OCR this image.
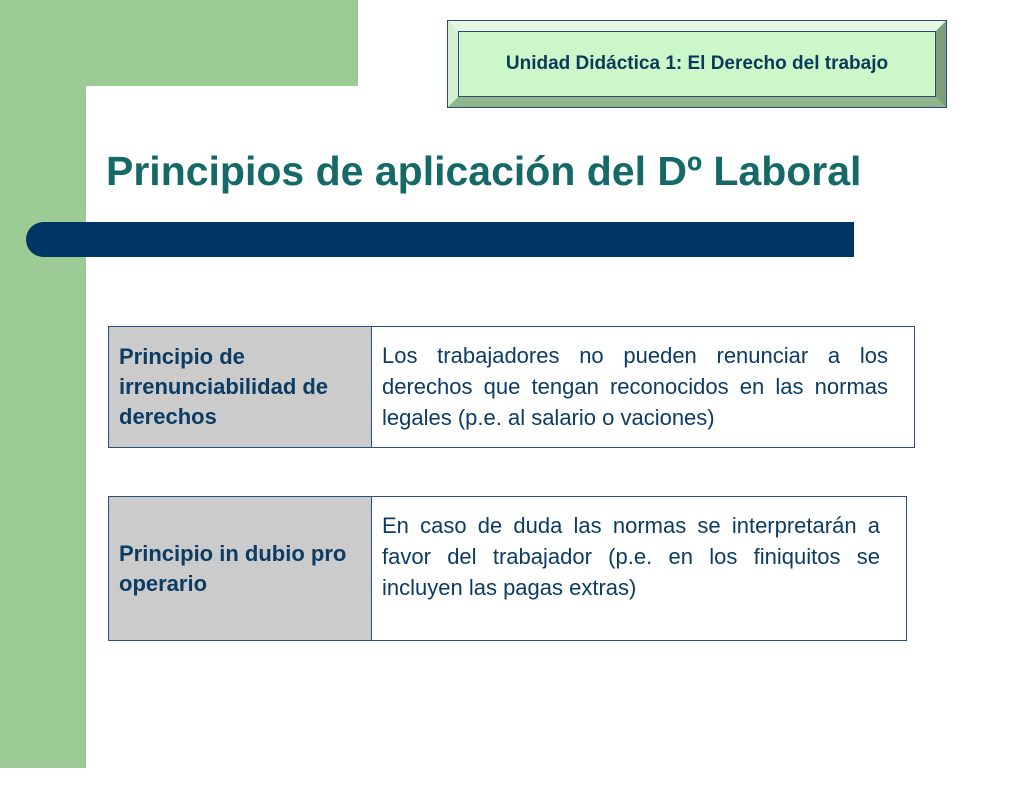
Unidad Didáctica 1: El Derecho del trabajo
Principios de aplicación del Dº Laboral
Principio de irrenunciabilidad de derechos	Los trabajadores no pueden renunciar a los derechos que tengan reconocidos en las normas legales (p.e. al salario o vaciones)
Principio in dubio pro operario	En caso de duda las normas se interpretarán a favor del trabajador (p.e. en los finiquitos se incluyen las pagas extras)
